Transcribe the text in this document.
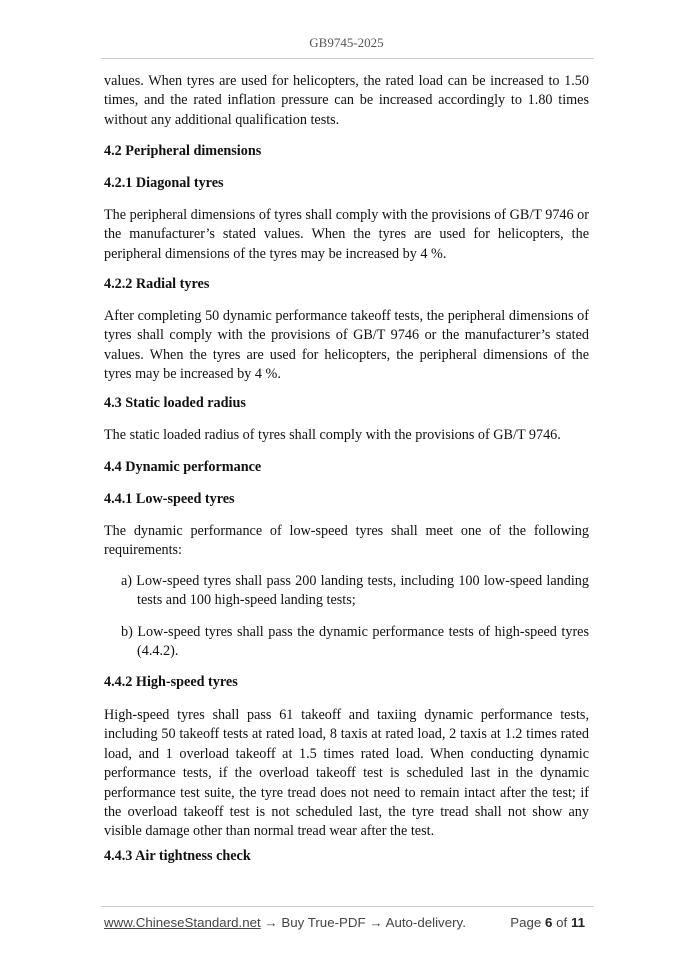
GB9745-2025
values. When tyres are used for helicopters, the rated load can be increased to 1.50 times, and the rated inflation pressure can be increased accordingly to 1.80 times without any additional qualification tests.
4.2 Peripheral dimensions
4.2.1 Diagonal tyres
The peripheral dimensions of tyres shall comply with the provisions of GB/T 9746 or the manufacturer’s stated values. When the tyres are used for helicopters, the peripheral dimensions of the tyres may be increased by 4 %.
4.2.2 Radial tyres
After completing 50 dynamic performance takeoff tests, the peripheral dimensions of tyres shall comply with the provisions of GB/T 9746 or the manufacturer’s stated values. When the tyres are used for helicopters, the peripheral dimensions of the tyres may be increased by 4 %.
4.3 Static loaded radius
The static loaded radius of tyres shall comply with the provisions of GB/T 9746.
4.4 Dynamic performance
4.4.1 Low-speed tyres
The dynamic performance of low-speed tyres shall meet one of the following requirements:
a) Low-speed tyres shall pass 200 landing tests, including 100 low-speed landing tests and 100 high-speed landing tests;
b) Low-speed tyres shall pass the dynamic performance tests of high-speed tyres (4.4.2).
4.4.2 High-speed tyres
High-speed tyres shall pass 61 takeoff and taxiing dynamic performance tests, including 50 takeoff tests at rated load, 8 taxis at rated load, 2 taxis at 1.2 times rated load, and 1 overload takeoff at 1.5 times rated load. When conducting dynamic performance tests, if the overload takeoff test is scheduled last in the dynamic performance test suite, the tyre tread does not need to remain intact after the test; if the overload takeoff test is not scheduled last, the tyre tread shall not show any visible damage other than normal tread wear after the test.
4.4.3 Air tightness check
www.ChineseStandard.net → Buy True-PDF → Auto-delivery.	Page 6 of 11
